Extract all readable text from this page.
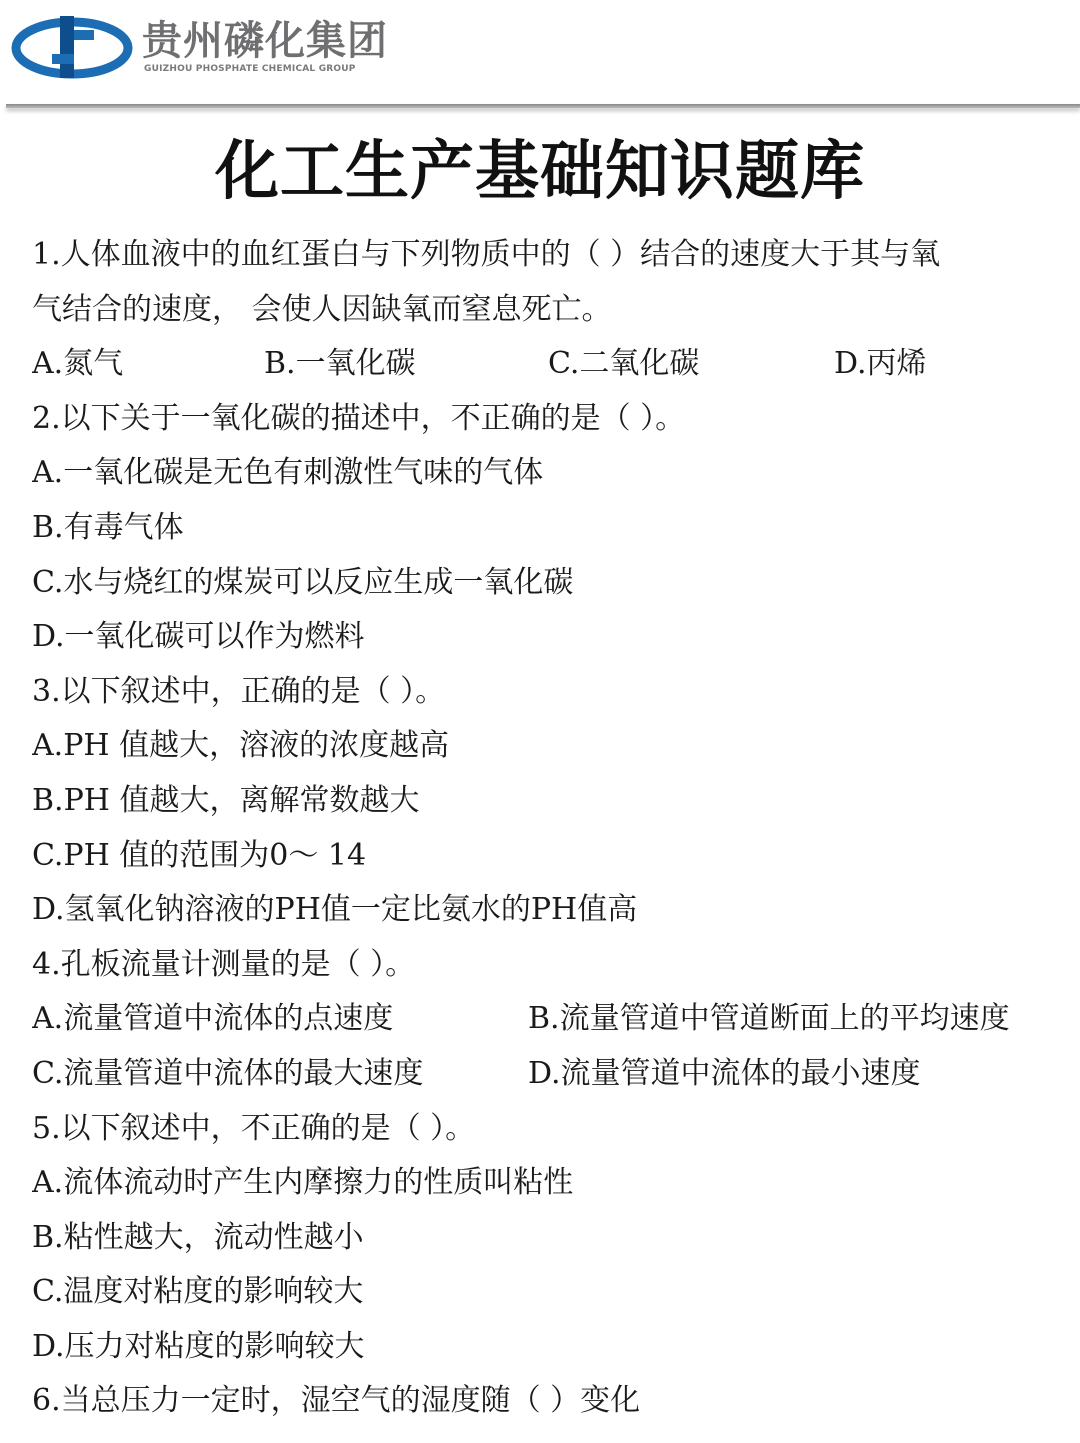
贵州磷化集团
GUIZHOU PHOSPHATE CHEMICAL GROUP
化工生产基础知识题库
1.人体血液中的血红蛋白与下列物质中的（ ）结合的速度大于其与氧
气结合的速度， 会使人因缺氧而窒息死亡。
A.氮气	B.一氧化碳	C.二氧化碳	D.丙烯
2.以下关于一氧化碳的描述中，不正确的是（ ）。
A.一氧化碳是无色有刺激性气味的气体
B.有毒气体
C.水与烧红的煤炭可以反应生成一氧化碳
D.一氧化碳可以作为燃料
3.以下叙述中，正确的是（ ）。
A.PH 值越大，溶液的浓度越高
B.PH 值越大，离解常数越大
C.PH 值的范围为0～ 14
D.氢氧化钠溶液的PH值一定比氨水的PH值高
4.孔板流量计测量的是（ ）。
A.流量管道中流体的点速度	B.流量管道中管道断面上的平均速度
C.流量管道中流体的最大速度	D.流量管道中流体的最小速度
5.以下叙述中，不正确的是（ ）。
A.流体流动时产生内摩擦力的性质叫粘性
B.粘性越大，流动性越小
C.温度对粘度的影响较大
D.压力对粘度的影响较大
6.当总压力一定时，湿空气的湿度随（ ）变化
